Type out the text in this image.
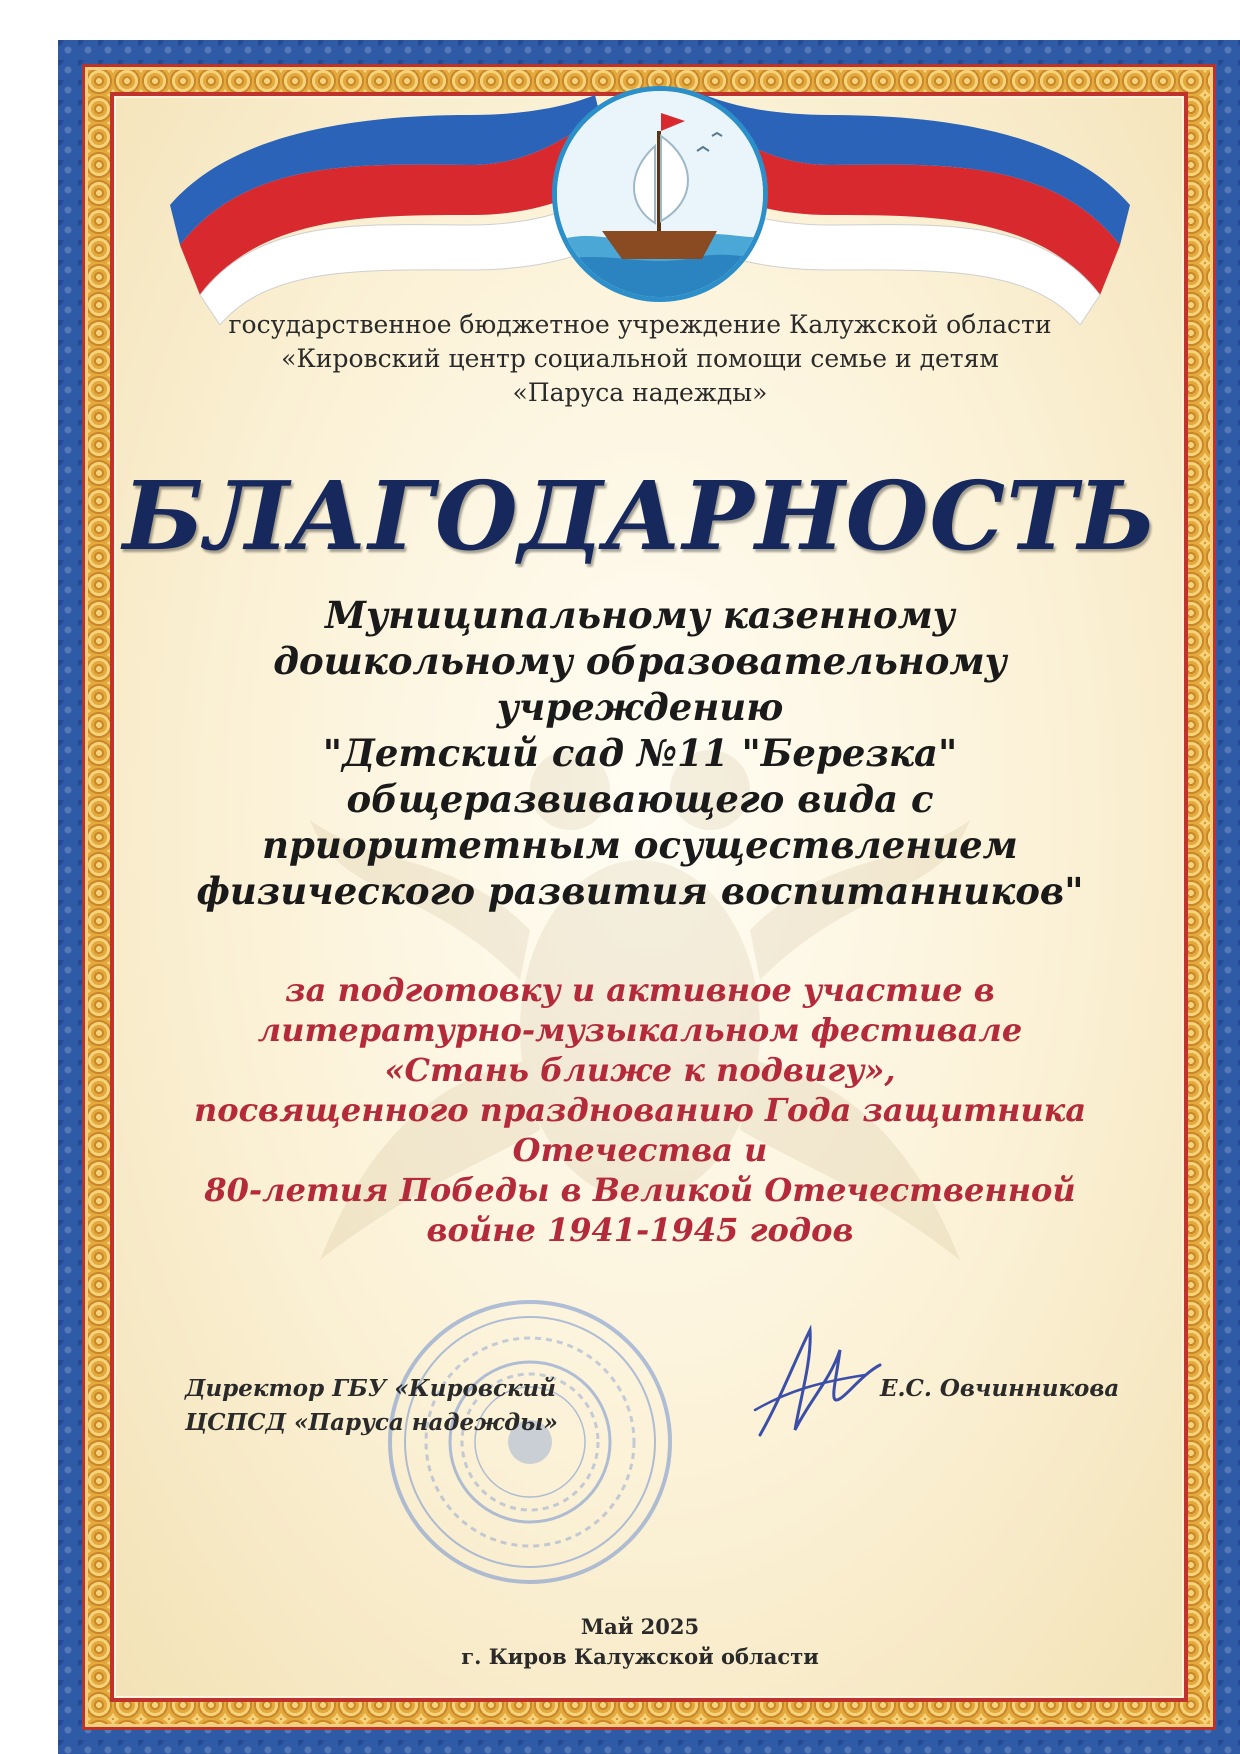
государственное бюджетное учреждение Калужской области
«Кировский центр социальной помощи семье и детям
«Паруса надежды»
БЛАГОДАРНОСТЬ
Муниципальному казенному
дошкольному образовательному
учреждению
"Детский сад №11 "Березка"
общеразвивающего вида с
приоритетным осуществлением
физического развития воспитанников"
за подготовку и активное участие в
литературно-музыкальном фестивале
«Стань ближе к подвигу»,
посвященного празднованию Года защитника
Отечества и
80-летия Победы в Великой Отечественной
войне 1941-1945 годов
Директор ГБУ «Кировский
ЦСПСД «Паруса надежды»
Е.С. Овчинникова
Май 2025
г. Киров Калужской области
